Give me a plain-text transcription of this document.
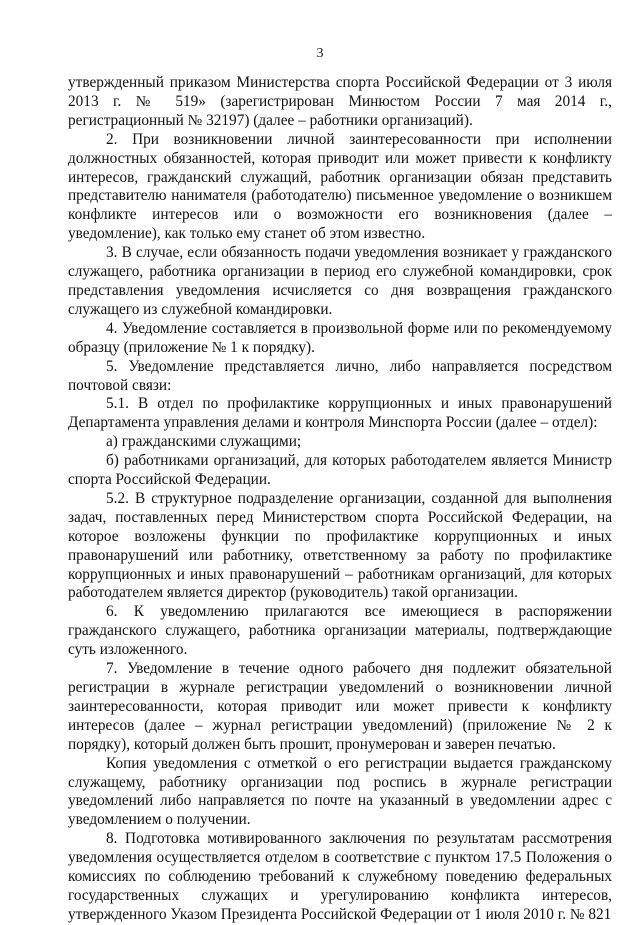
3

утвержденный приказом Министерства спорта Российской Федерации от 3 июля 2013 г. № 519» (зарегистрирован Минюстом России 7 мая 2014 г., регистрационный № 32197) (далее – работники организаций).

2. При возникновении личной заинтересованности при исполнении должностных обязанностей, которая приводит или может привести к конфликту интересов, гражданский служащий, работник организации обязан представить представителю нанимателя (работодателю) письменное уведомление о возникшем конфликте интересов или о возможности его возникновения (далее – уведомление), как только ему станет об этом известно.

3. В случае, если обязанность подачи уведомления возникает у гражданского служащего, работника организации в период его служебной командировки, срок представления уведомления исчисляется со дня возвращения гражданского служащего из служебной командировки.

4. Уведомление составляется в произвольной форме или по рекомендуемому образцу (приложение № 1 к порядку).

5. Уведомление представляется лично, либо направляется посредством почтовой связи:

5.1. В отдел по профилактике коррупционных и иных правонарушений Департамента управления делами и контроля Минспорта России (далее – отдел):

а) гражданскими служащими;

б) работниками организаций, для которых работодателем является Министр спорта Российской Федерации.

5.2. В структурное подразделение организации, созданной для выполнения задач, поставленных перед Министерством спорта Российской Федерации, на которое возложены функции по профилактике коррупционных и иных правонарушений или работнику, ответственному за работу по профилактике коррупционных и иных правонарушений – работникам организаций, для которых работодателем является директор (руководитель) такой организации.

6. К уведомлению прилагаются все имеющиеся в распоряжении гражданского служащего, работника организации материалы, подтверждающие суть изложенного.

7. Уведомление в течение одного рабочего дня подлежит обязательной регистрации в журнале регистрации уведомлений о возникновении личной заинтересованности, которая приводит или может привести к конфликту интересов (далее – журнал регистрации уведомлений) (приложение № 2 к порядку), который должен быть прошит, пронумерован и заверен печатью.

Копия уведомления с отметкой о его регистрации выдается гражданскому служащему, работнику организации под роспись в журнале регистрации уведомлений либо направляется по почте на указанный в уведомлении адрес с уведомлением о получении.

8. Подготовка мотивированного заключения по результатам рассмотрения уведомления осуществляется отделом в соответствие с пунктом 17.5 Положения о комиссиях по соблюдению требований к служебному поведению федеральных государственных служащих и урегулированию конфликта интересов, утвержденного Указом Президента Российской Федерации от 1 июля 2010 г. № 821
